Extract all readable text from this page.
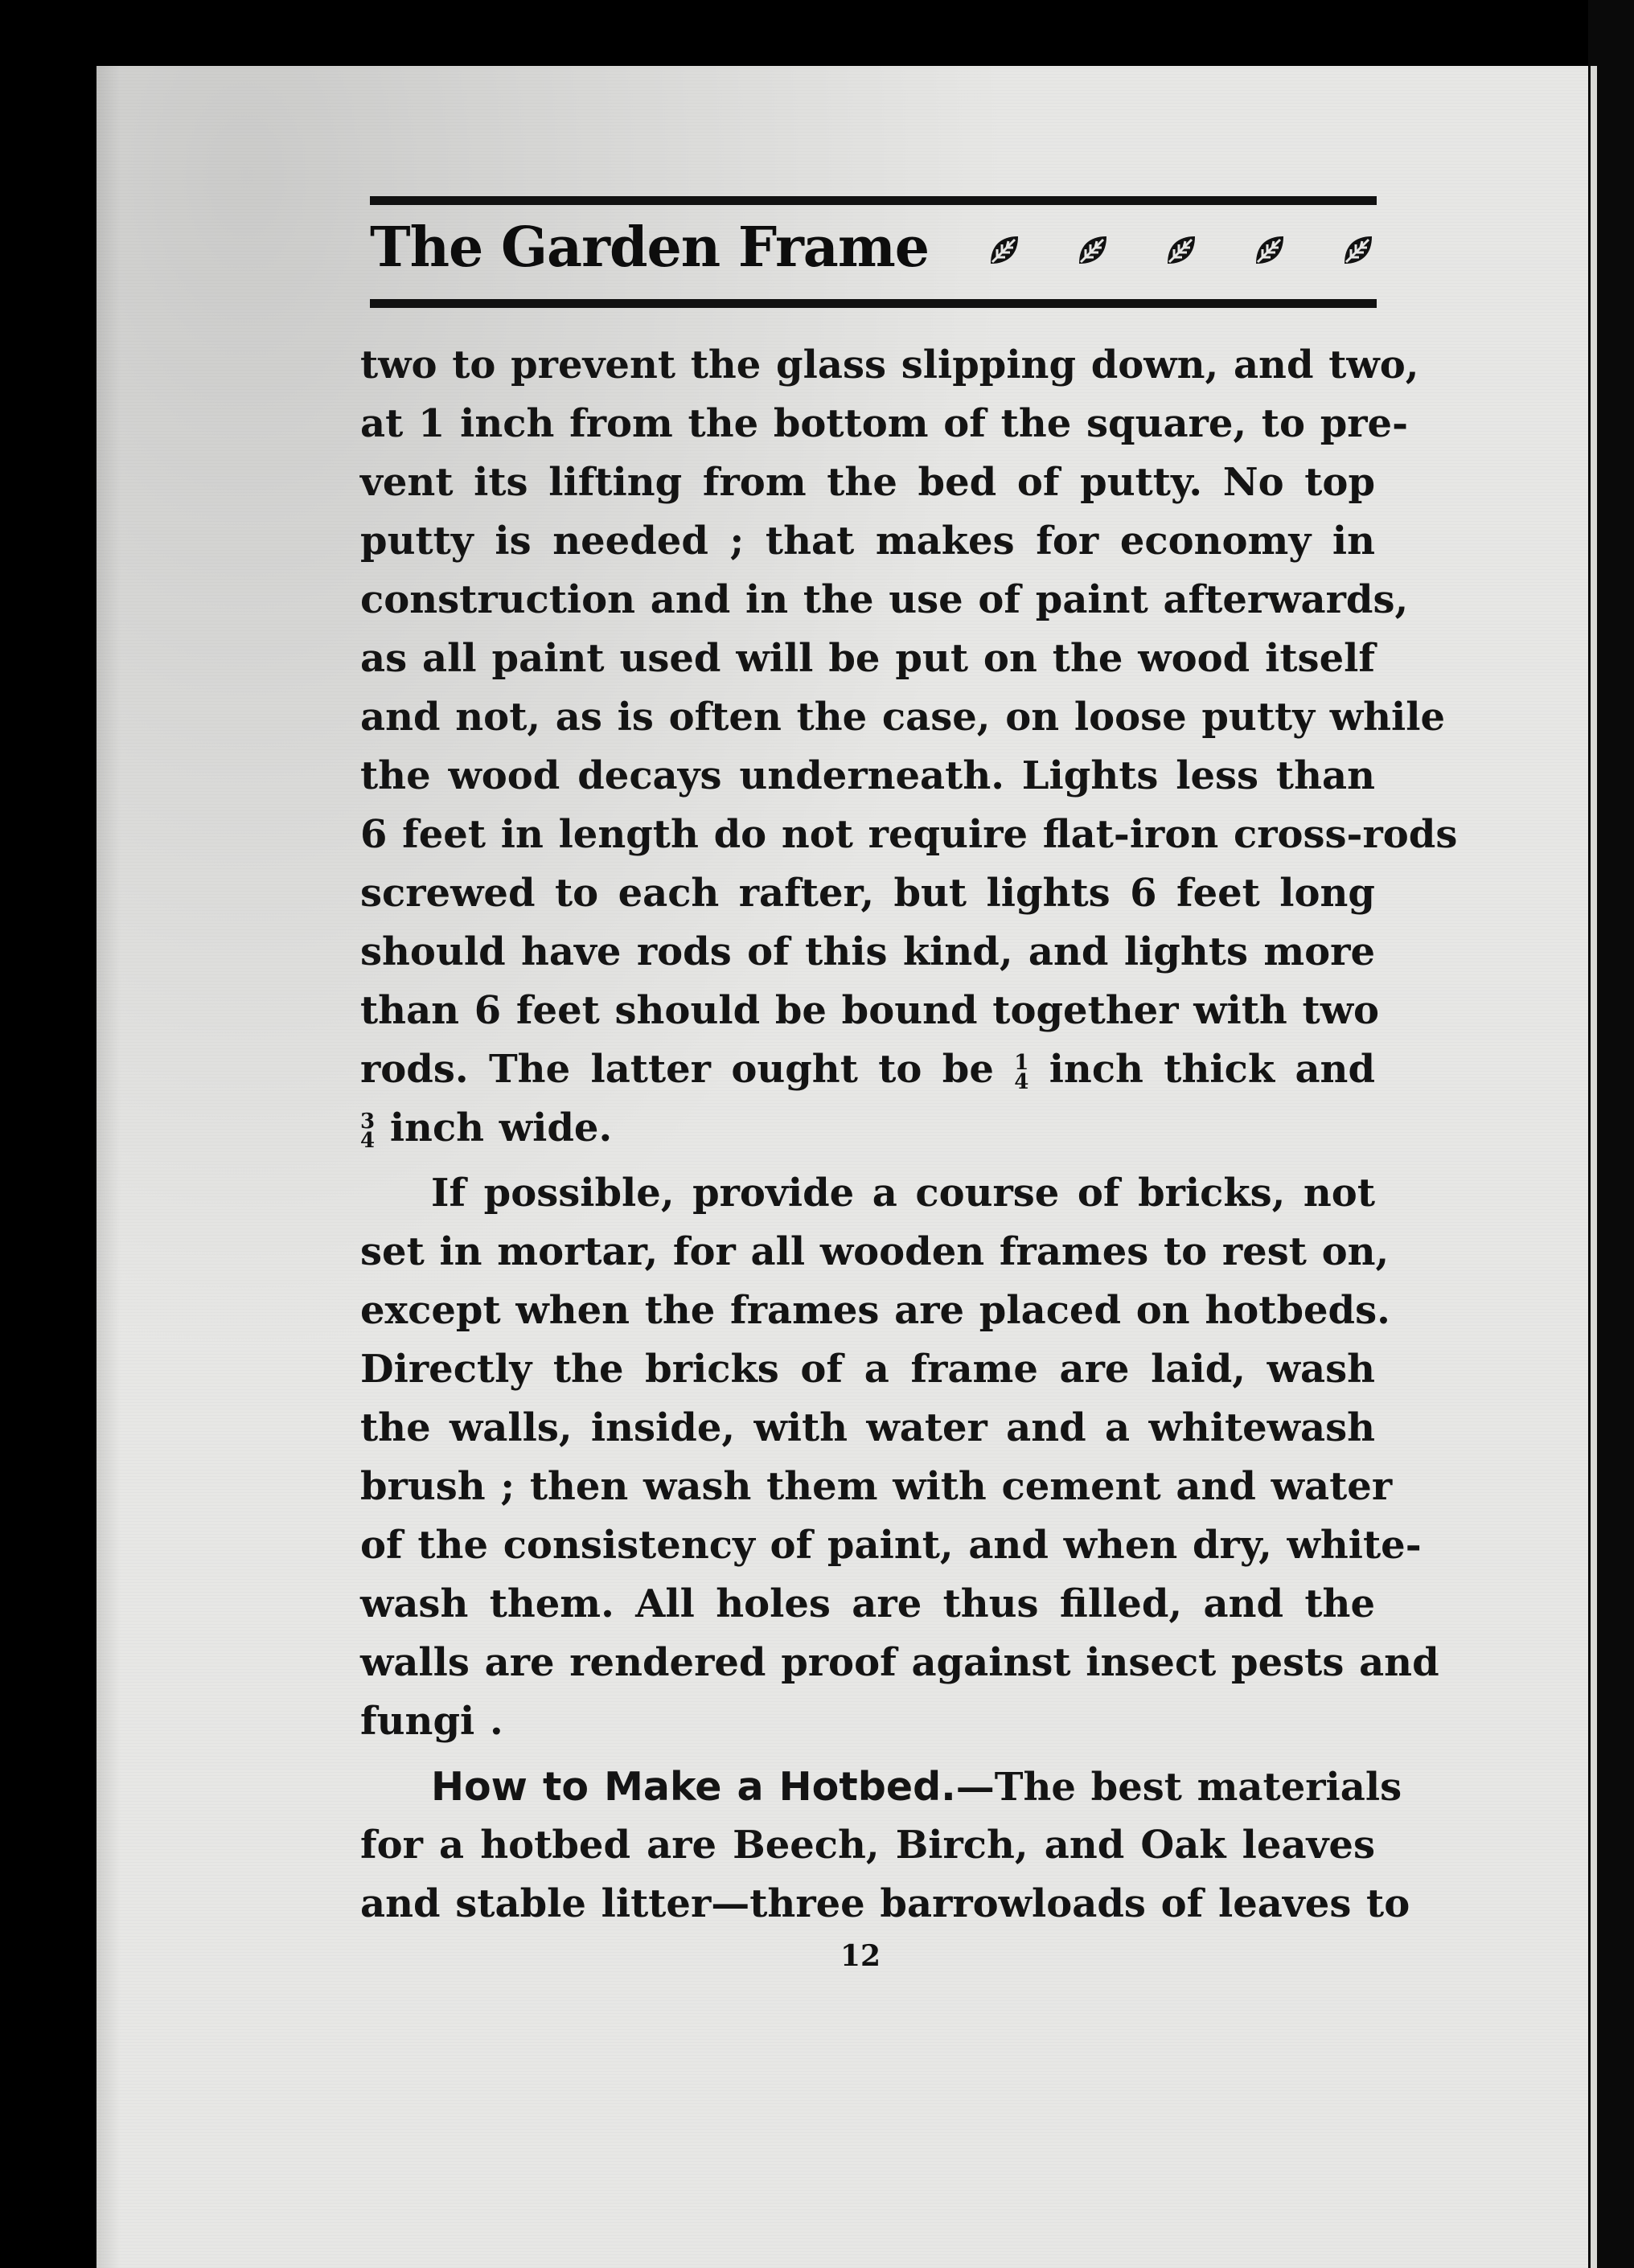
The Garden Frame
two to prevent the glass slipping down, and two,
at 1 inch from the bottom of the square, to pre-
vent its lifting from the bed of putty. No top
putty is needed ; that makes for economy in
construction and in the use of paint afterwards,
as all paint used will be put on the wood itself
and not, as is often the case, on loose putty while
the wood decays underneath. Lights less than
6 feet in length do not require flat-iron cross-rods
screwed to each rafter, but lights 6 feet long
should have rods of this kind, and lights more
than 6 feet should be bound together with two
rods. The latter ought to be 1
4 inch thick and
3
4 inch wide.
If possible, provide a course of bricks, not
set in mortar, for all wooden frames to rest on,
except when the frames are placed on hotbeds.
Directly the bricks of a frame are laid, wash
the walls, inside, with water and a whitewash
brush ; then wash them with cement and water
of the consistency of paint, and when dry, white-
wash them. All holes are thus filled, and the
walls are rendered proof against insect pests and
fungi .
How to Make a Hotbed.—The best materials
for a hotbed are Beech, Birch, and Oak leaves
and stable litter—three barrowloads of leaves to
12
